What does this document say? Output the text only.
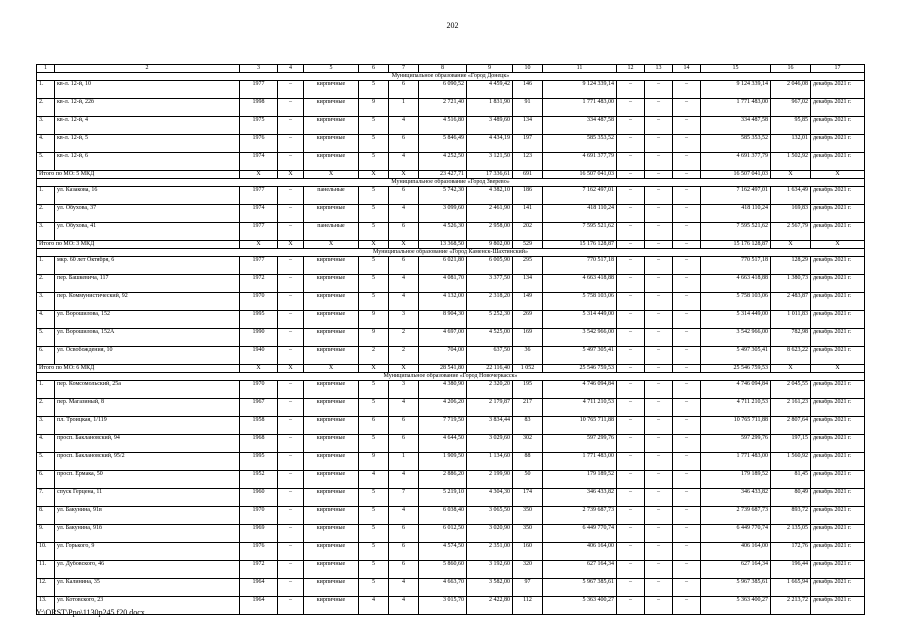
202
1	2	3	4	5	6	7	8	9	10	11	12	13	14	15	16	17
Муниципальное образование «Город Донецк»																
1.	кв-л. 12-й, 10	1977	–	кирпичные	5	6	6 090,52	4 459,42	146	9 124 339,14	–	–	–	9 124 339,14	2 046,08	декабрь 2021 г.
2.	кв-л. 12-й, 22б	1998	–	кирпичные	9	1	2 721,40	1 831,90	91	1 771 483,00	–	–	–	1 771 483,00	967,02	декабрь 2021 г.
3.	кв-л. 12-й, 4	1975	–	кирпичные	5	4	4 516,80	3 489,60	134	334 487,58	–	–	–	334 487,58	95,85	декабрь 2021 г.
4.	кв-л. 12-й, 5	1976	–	кирпичные	5	6	5 846,49	4 434,19	197	585 353,52	–	–	–	585 353,52	132,01	декабрь 2021 г.
5.	кв-л. 12-й, 6	1974	–	кирпичные	5	4	4 252,50	3 121,50	123	4 691 377,79	–	–	–	4 691 377,79	1 502,92	декабрь 2021 г.
Итого по МО: 5 МКД		X	X	X	X	X	23 427,71	17 336,61	691	16 507 041,03	–	–	–	16 507 041,03	X	X
Муниципальное образование «Город Зверево»																
1.	ул. Казакова, 16	1977	–	панельные	5	6	5 742,30	4 382,10	186	7 162 497,01	–	–	–	7 162 497,01	1 634,49	декабрь 2021 г.
2.	ул. Обухова, 37	1974	–	кирпичные	5	4	3 099,60	2 461,90	141	418 110,24	–	–	–	418 110,24	169,83	декабрь 2021 г.
3.	ул. Обухова, 41	1977	–	панельные	5	6	4 526,30	2 958,00	202	7 595 521,62	–	–	–	7 595 521,62	2 567,79	декабрь 2021 г.
Итого по МО: 3 МКД		X	X	X	X	X	13 368,50	9 802,00	529	15 176 128,87	–	–	–	15 176 128,87	X	X
Муниципальное образование «Город Каменск-Шахтинский»																
1.	мкр. 60 лет Октября, 6	1977	–	кирпичные	5	6	6 021,80	6 005,90	295	770 517,18	–	–	–	770 517,18	128,29	декабрь 2021 г.
2.	пер. Башкевича, 117	1972	–	кирпичные	5	4	4 081,70	3 377,50	134	4 663 418,88	–	–	–	4 663 418,88	1 380,73	декабрь 2021 г.
3.	пер. Коммунистический, 92	1970	–	кирпичные	5	4	4 132,00	2 318,20	149	5 758 103,06	–	–	–	5 758 103,06	2 483,87	декабрь 2021 г.
4.	ул. Ворошилова, 152	1995	–	кирпичные	9	3	8 904,30	5 252,30	269	5 314 449,00	–	–	–	5 314 449,00	1 011,83	декабрь 2021 г.
5.	ул. Ворошилова, 152А	1990	–	кирпичные	9	2	4 697,00	4 525,00	169	3 542 966,00	–	–	–	3 542 966,00	782,98	декабрь 2021 г.
6.	ул. Освобождения, 10	1940	–	кирпичные	2	2	704,00	637,50	36	5 497 305,41	–	–	–	5 497 305,41	8 623,22	декабрь 2021 г.
Итого по МО: 6 МКД		X	X	X	X	X	28 541,80	22 116,40	1 052	25 546 759,53	–	–	–	25 546 759,53	X	X
Муниципальное образование «Город Новочеркасск»																
1.	пер. Комсомольский, 25а	1970	–	кирпичные	5	3	4 380,90	2 320,20	195	4 746 094,84	–	–	–	4 746 094,84	2 045,55	декабрь 2021 г.
2.	пер. Магазиный, 8	1967	–	кирпичные	5	4	4 206,20	2 179,87	217	4 711 210,53	–	–	–	4 711 210,53	2 161,23	декабрь 2021 г.
3.	пл. Троицкая, 1/119	1958	–	кирпичные	6	6	7 719,50	3 834,44	83	10 765 711,88	–	–	–	10 765 711,88	2 807,64	декабрь 2021 г.
4.	просп. Баклановский, 94	1968	–	кирпичные	5	6	4 644,50	3 029,60	302	597 299,76	–	–	–	597 299,76	197,15	декабрь 2021 г.
5.	просп. Баклановский, 95/2	1995	–	кирпичные	9	1	1 909,50	1 134,60	88	1 771 483,00	–	–	–	1 771 483,00	1 560,92	декабрь 2021 г.
6.	просп. Ермака, 50	1952	–	кирпичные	4	4	2 886,20	2 199,90	50	179 189,52	–	–	–	179 189,52	81,45	декабрь 2021 г.
7.	спуск Герцена, 11	1960	–	кирпичные	5	7	5 219,10	4 304,30	174	346 433,82	–	–	–	346 433,82	80,49	декабрь 2021 г.
8.	ул. Бакунина, 91в	1970	–	кирпичные	5	4	6 038,40	3 065,50	350	2 739 687,73	–	–	–	2 739 687,73	893,72	декабрь 2021 г.
9.	ул. Бакунина, 91б	1969	–	кирпичные	5	6	6 012,50	3 020,90	350	6 449 770,74	–	–	–	6 449 770,74	2 135,05	декабрь 2021 г.
10.	ул. Горького, 9	1976	–	кирпичные	5	6	4 574,50	2 351,00	160	406 164,00	–	–	–	406 164,00	172,76	декабрь 2021 г.
11.	ул. Дубовского, 46	1972	–	кирпичные	5	6	5 860,60	3 192,60	320	627 164,34	–	–	–	627 164,34	196,44	декабрь 2021 г.
12.	ул. Калинина, 35	1964	–	кирпичные	5	4	4 663,70	3 582,00	97	5 967 385,61	–	–	–	5 967 385,61	1 665,94	декабрь 2021 г.
13.	ул. Котовского, 23	1964	–	кирпичные	4	4	3 015,70	2 422,80	112	5 363 400,27	–	–	–	5 363 400,27	2 213,72	декабрь 2021 г.
Y:\ORST\Ppo\1130p245.f20.docx
